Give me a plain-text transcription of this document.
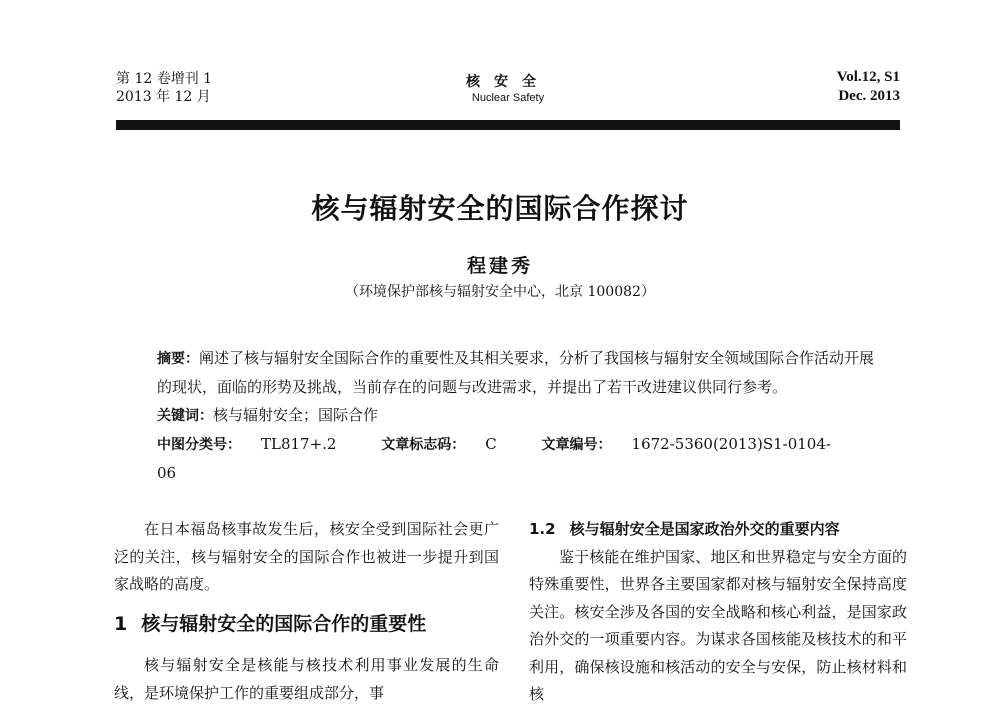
第 12 卷增刊 1
2013 年 12 月
核安全
Nuclear Safety
Vol.12, S1
Dec. 2013
核与辐射安全的国际合作探讨
程建秀
（环境保护部核与辐射安全中心，北京 100082）

摘要：阐述了核与辐射安全国际合作的重要性及其相关要求，分析了我国核与辐射安全领域国际合作活动开展的现状，面临的形势及挑战，当前存在的问题与改进需求，并提出了若干改进建议供同行参考。

关键词：核与辐射安全；国际合作

中图分类号： TL817+.2	文章标志码： C	文章编号： 1672-5360(2013)S1-0104-06

在日本福岛核事故发生后，核安全受到国际社会更广泛的关注，核与辐射安全的国际合作也被进一步提升到国家战略的高度。

1 核与辐射安全的国际合作的重要性

核与辐射安全是核能与核技术利用事业发展的生命线，是环境保护工作的重要组成部分，事

1.2 核与辐射安全是国家政治外交的重要内容

鉴于核能在维护国家、地区和世界稳定与安全方面的特殊重要性，世界各主要国家都对核与辐射安全保持高度关注。核安全涉及各国的安全战略和核心利益，是国家政治外交的一项重要内容。为谋求各国核能及核技术的和平利用，确保核设施和核活动的安全与安保，防止核材料和核
